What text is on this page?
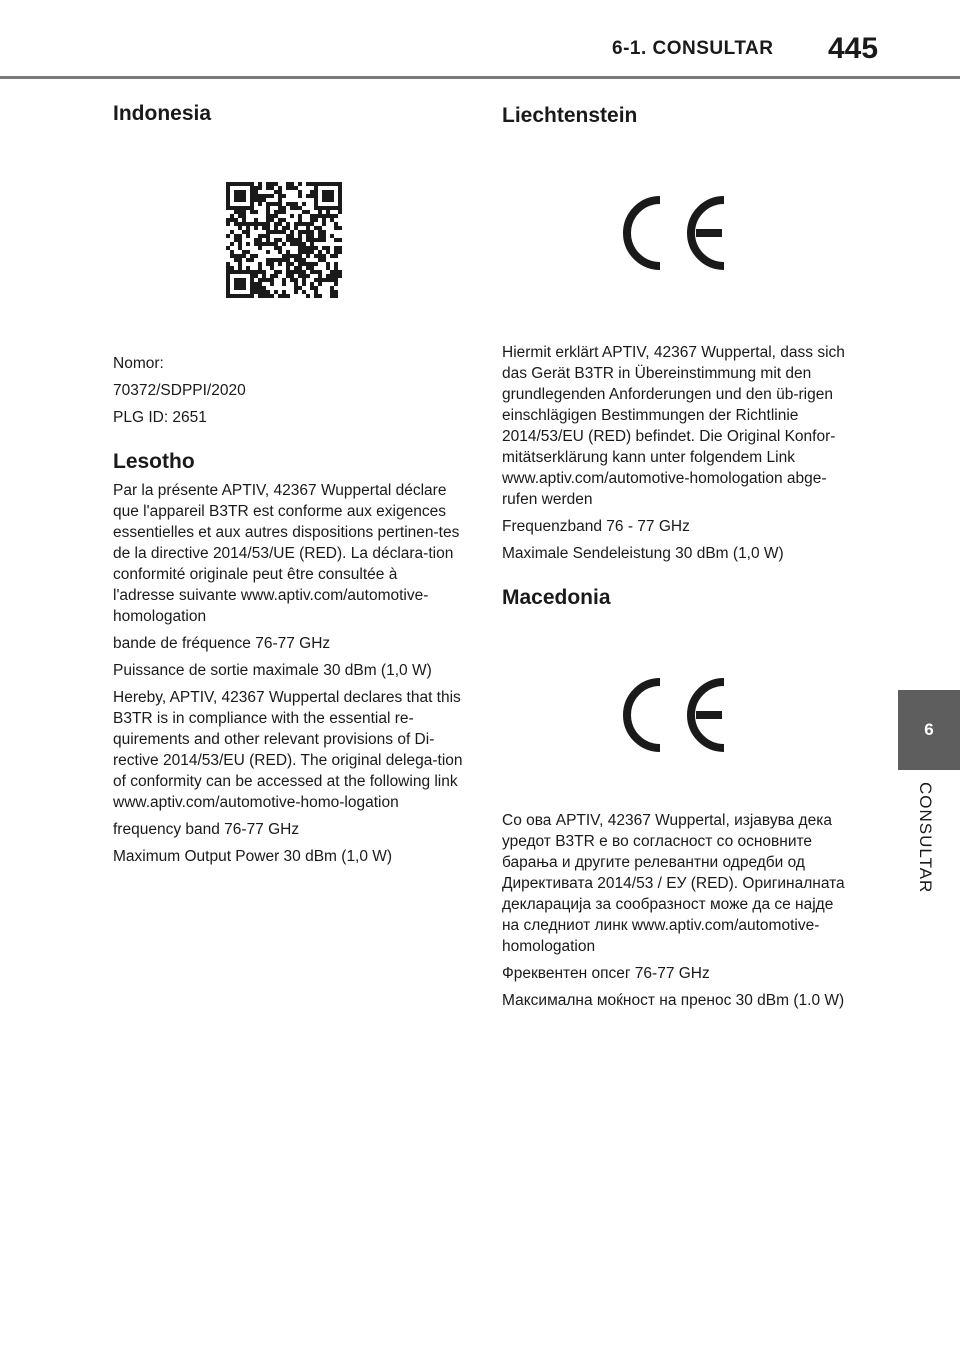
6-1. CONSULTAR 445
Indonesia

Nomor:

70372/SDPPI/2020

PLG ID: 2651

Lesotho

Par la présente APTIV, 42367 Wuppertal déclare que l'appareil B3TR est conforme aux exigences essentielles et aux autres dispositions pertinen-tes de la directive 2014/53/UE (RED). La déclara-tion conformité originale peut être consultée à l'adresse suivante www.aptiv.com/automotive-homologation

bande de fréquence 76-77 GHz

Puissance de sortie maximale 30 dBm (1,0 W)

Hereby, APTIV, 42367 Wuppertal declares that this B3TR is in compliance with the essential re-quirements and other relevant provisions of Di-rective 2014/53/EU (RED). The original delega-tion of conformity can be accessed at the following link www.aptiv.com/automotive-homo-logation

frequency band 76-77 GHz

Maximum Output Power 30 dBm (1,0 W)

Liechtenstein

Hiermit erklärt APTIV, 42367 Wuppertal, dass sich das Gerät B3TR in Übereinstimmung mit den grundlegenden Anforderungen und den üb-rigen einschlägigen Bestimmungen der Richtlinie 2014/53/EU (RED) befindet. Die Original Konfor-mitätserklärung kann unter folgendem Link www.aptiv.com/automotive-homologation abge-rufen werden

Frequenzband 76 - 77 GHz

Maximale Sendeleistung 30 dBm (1,0 W)

Macedonia

Со ова APTIV, 42367 Wuppertal, изјавува дека уредот B3TR е во согласност со основните барања и другите релевантни одредби од Директивата 2014/53 / ЕУ (RED). Оригиналната декларација за сообразност може да се најде на следниот линк www.aptiv.com/automotive-homologation

Фреквентен опсег 76-77 GHz

Максимална моќност на пренос 30 dBm (1.0 W)

6
CONSULTAR
